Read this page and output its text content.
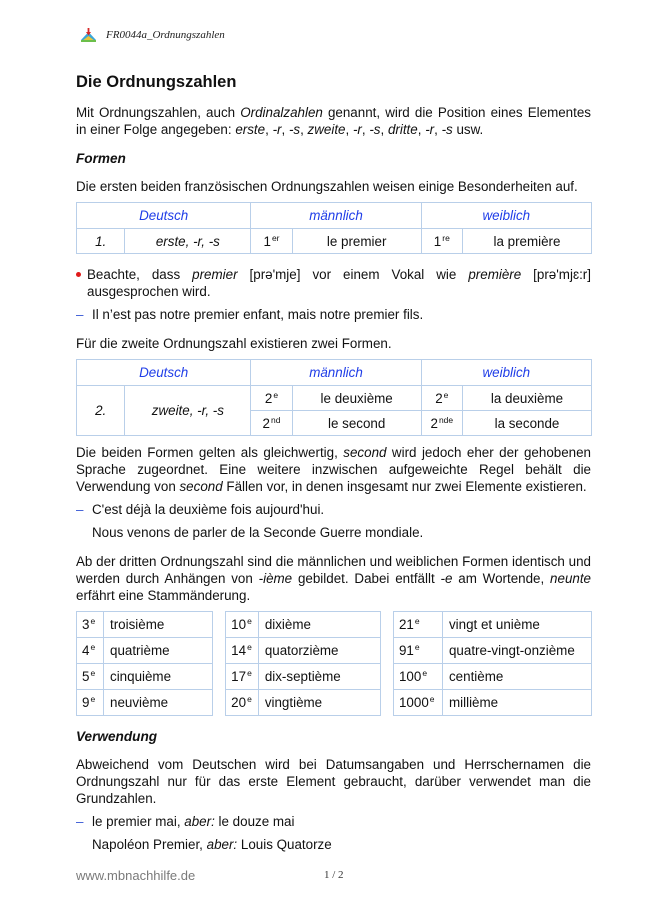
FR0044a_Ordnungszahlen
Die Ordnungszahlen

Mit Ordnungszahlen, auch Ordinalzahlen genannt, wird die Position eines Elementes in einer Folge angegeben: erste, -r, -s, zweite, -r, -s, dritte, -r, -s usw.

Formen

Die ersten beiden französischen Ordnungszahlen weisen einige Besonderheiten auf.

Deutsch		männlich		weiblich	
1.	erste, -r, -s	1er	le premier	1re	la première
Beachte, dass premier [prə'mje] vor einem Vokal wie première [prə'mjɛ:r] ausgesprochen wird.
– Il n’est pas notre premier enfant, mais notre premier fils.

Für die zweite Ordnungszahl existieren zwei Formen.

Deutsch		männlich		weiblich	
2.	zweite, -r, -s	2e	le deuxième	2e	la deuxième
		2nd	le second	2nde	la seconde

Die beiden Formen gelten als gleichwertig, second wird jedoch eher der gehobenen Sprache zugeordnet. Eine weitere inzwischen aufgeweichte Regel behält die Verwendung von second Fällen vor, in denen insgesamt nur zwei Elemente existieren.

– C'est déjà la deuxième fois aujourd'hui.
Nous venons de parler de la Seconde Guerre mondiale.

Ab der dritten Ordnungszahl sind die männlichen und weiblichen Formen identisch und werden durch Anhängen von -ième gebildet. Dabei entfällt -e am Wortende, neunte erfährt eine Stammänderung.

3e	troisième
4e	quatrième
5e	cinquième
9e	neuvième
10e	dixième
14e	quatorzième
17e	dix-septième
20e	vingtième
21e	vingt et unième
91e	quatre-vingt-onzième
100e	centième
1000e	millième
Verwendung

Abweichend vom Deutschen wird bei Datumsangaben und Herrschernamen die Ordnungszahl nur für das erste Element gebraucht, darüber verwendet man die Grundzahlen.

– le premier mai, aber: le douze mai
Napoléon Premier, aber: Louis Quatorze
www.mbnachhilfe.de	1 / 2
